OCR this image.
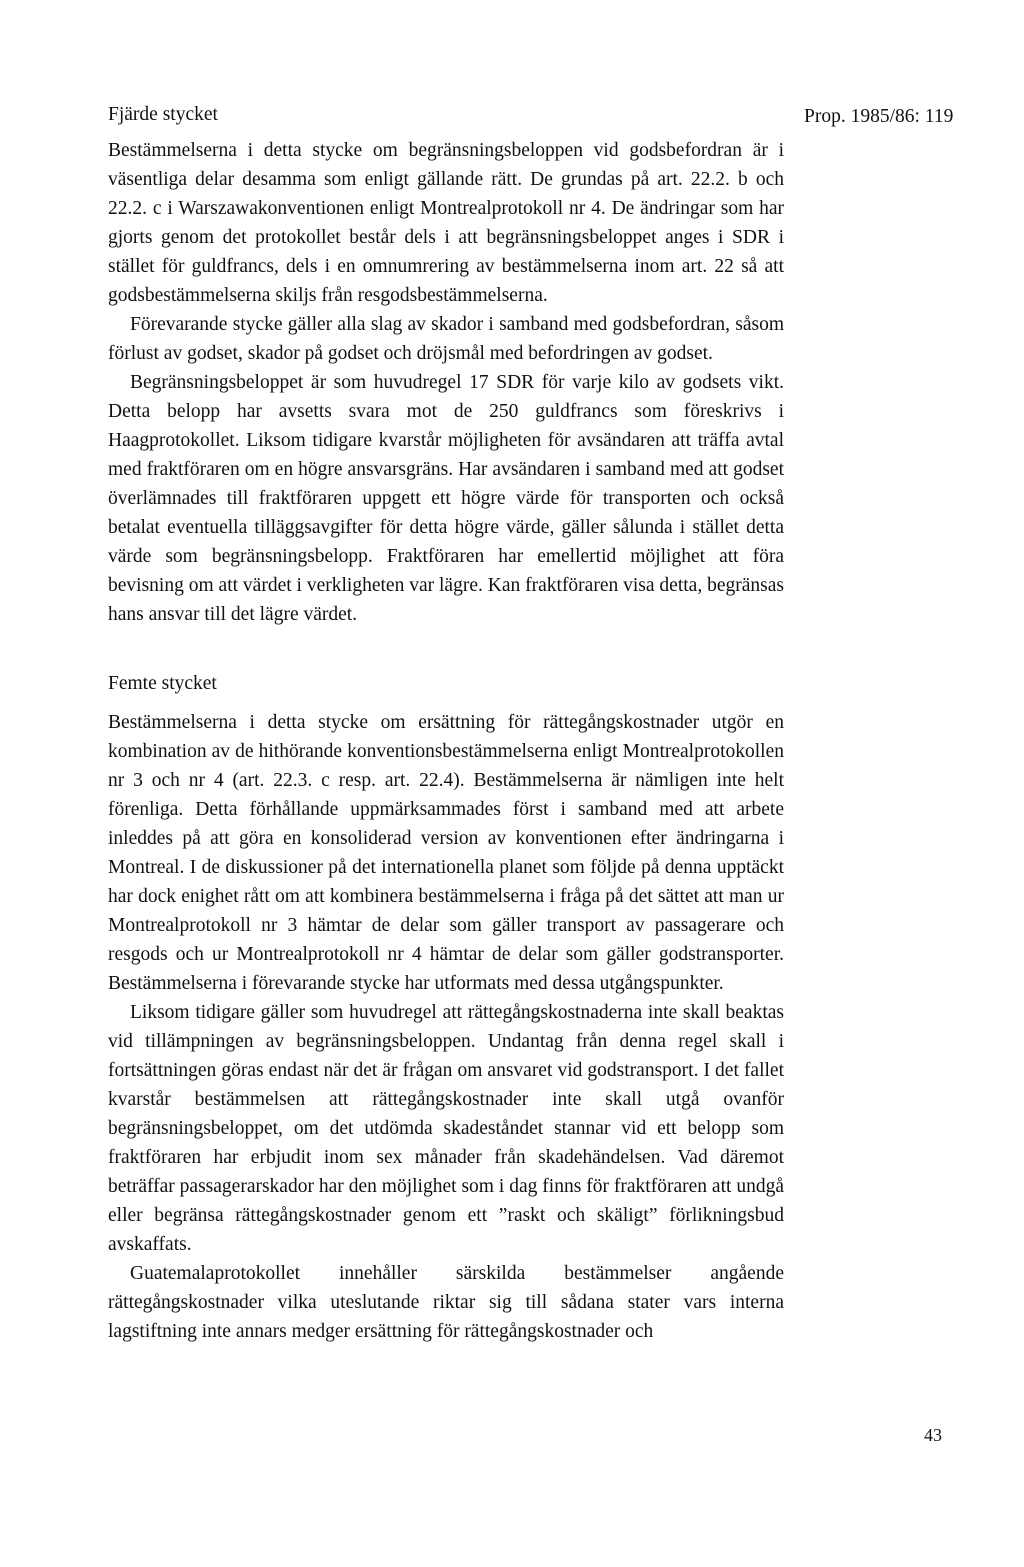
Prop. 1985/86: 119
Fjärde stycket

Bestämmelserna i detta stycke om begränsningsbeloppen vid godsbefordran är i väsentliga delar desamma som enligt gällande rätt. De grundas på art. 22.2. b och 22.2. c i Warszawakonventionen enligt Montrealprotokoll nr 4. De ändringar som har gjorts genom det protokollet består dels i att begränsningsbeloppet anges i SDR i stället för guldfrancs, dels i en omnumrering av bestämmelserna inom art. 22 så att godsbestämmelserna skiljs från resgodsbestämmelserna.

Förevarande stycke gäller alla slag av skador i samband med godsbefordran, såsom förlust av godset, skador på godset och dröjsmål med befordringen av godset.

Begränsningsbeloppet är som huvudregel 17 SDR för varje kilo av godsets vikt. Detta belopp har avsetts svara mot de 250 guldfrancs som föreskrivs i Haagprotokollet. Liksom tidigare kvarstår möjligheten för avsändaren att träffa avtal med fraktföraren om en högre ansvarsgräns. Har avsändaren i samband med att godset överlämnades till fraktföraren uppgett ett högre värde för transporten och också betalat eventuella tilläggsavgifter för detta högre värde, gäller sålunda i stället detta värde som begränsningsbelopp. Fraktföraren har emellertid möjlighet att föra bevisning om att värdet i verkligheten var lägre. Kan fraktföraren visa detta, begränsas hans ansvar till det lägre värdet.

Femte stycket

Bestämmelserna i detta stycke om ersättning för rättegångskostnader utgör en kombination av de hithörande konventionsbestämmelserna enligt Montrealprotokollen nr 3 och nr 4 (art. 22.3. c resp. art. 22.4). Bestämmelserna är nämligen inte helt förenliga. Detta förhållande uppmärksammades först i samband med att arbete inleddes på att göra en konsoliderad version av konventionen efter ändringarna i Montreal. I de diskussioner på det internationella planet som följde på denna upptäckt har dock enighet rått om att kombinera bestämmelserna i fråga på det sättet att man ur Montrealprotokoll nr 3 hämtar de delar som gäller transport av passagerare och resgods och ur Montrealprotokoll nr 4 hämtar de delar som gäller godstransporter. Bestämmelserna i förevarande stycke har utformats med dessa utgångspunkter.

Liksom tidigare gäller som huvudregel att rättegångskostnaderna inte skall beaktas vid tillämpningen av begränsningsbeloppen. Undantag från denna regel skall i fortsättningen göras endast när det är frågan om ansvaret vid godstransport. I det fallet kvarstår bestämmelsen att rättegångskostnader inte skall utgå ovanför begränsningsbeloppet, om det utdömda skadeståndet stannar vid ett belopp som fraktföraren har erbjudit inom sex månader från skadehändelsen. Vad däremot beträffar passagerarskador har den möjlighet som i dag finns för fraktföraren att undgå eller begränsa rättegångskostnader genom ett ”raskt och skäligt” förlikningsbud avskaffats.

Guatemalaprotokollet innehåller särskilda bestämmelser angående rättegångskostnader vilka uteslutande riktar sig till sådana stater vars interna lagstiftning inte annars medger ersättning för rättegångskostnader och

43
